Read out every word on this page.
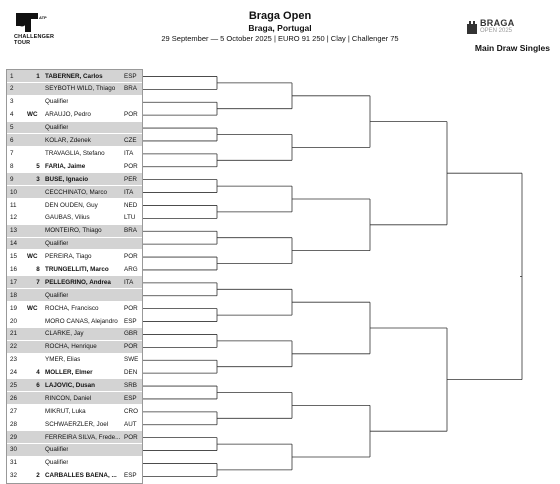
ATP
CHALLENGER TOUR
Braga Open
Braga, Portugal
29 September — 5 October 2025 | EURO 91 250 | Clay | Challenger 75
BRAGA
OPEN 2025
Main Draw Singles
1	1 TABERNER, Carlos	ESP
2	SEYBOTH WILD, Thiago BRA
3	Qualifier
4 WC	ARAUJO, Pedro	POR
5	Qualifier
6	KOLAR, Zdenek	CZE
7	TRAVAGLIA, Stefano	ITA
8	5 FARIA, Jaime	POR
9	3 BUSE, Ignacio	PER
10	CECCHINATO, Marco	ITA
11	DEN OUDEN, Guy	NED
12	GAUBAS, Vilius	LTU
13	MONTEIRO, Thiago	BRA
14	Qualifier
15 WC	PEREIRA, Tiago	POR
16	8 TRUNGELLITI, Marco ARG
17	7 PELLEGRINO, Andrea ITA
18	Qualifier
19 WC	ROCHA, Francisco	POR
20	MORO CANAS, Alejandro ESP
21	CLARKE, Jay	GBR
22	ROCHA, Henrique	POR
23	YMER, Elias	SWE
24	4 MOLLER, Elmer	DEN
25	6 LAJOVIC, Dusan	SRB
26	RINCON, Daniel	ESP
27	MIKRUT, Luka	CRO
28	SCHWAERZLER, Joel	AUT
29	FERREIRA SILVA, Frede... POR
30	Qualifier
31	Qualifier
32	2 CARBALLES BAENA, ... ESP
